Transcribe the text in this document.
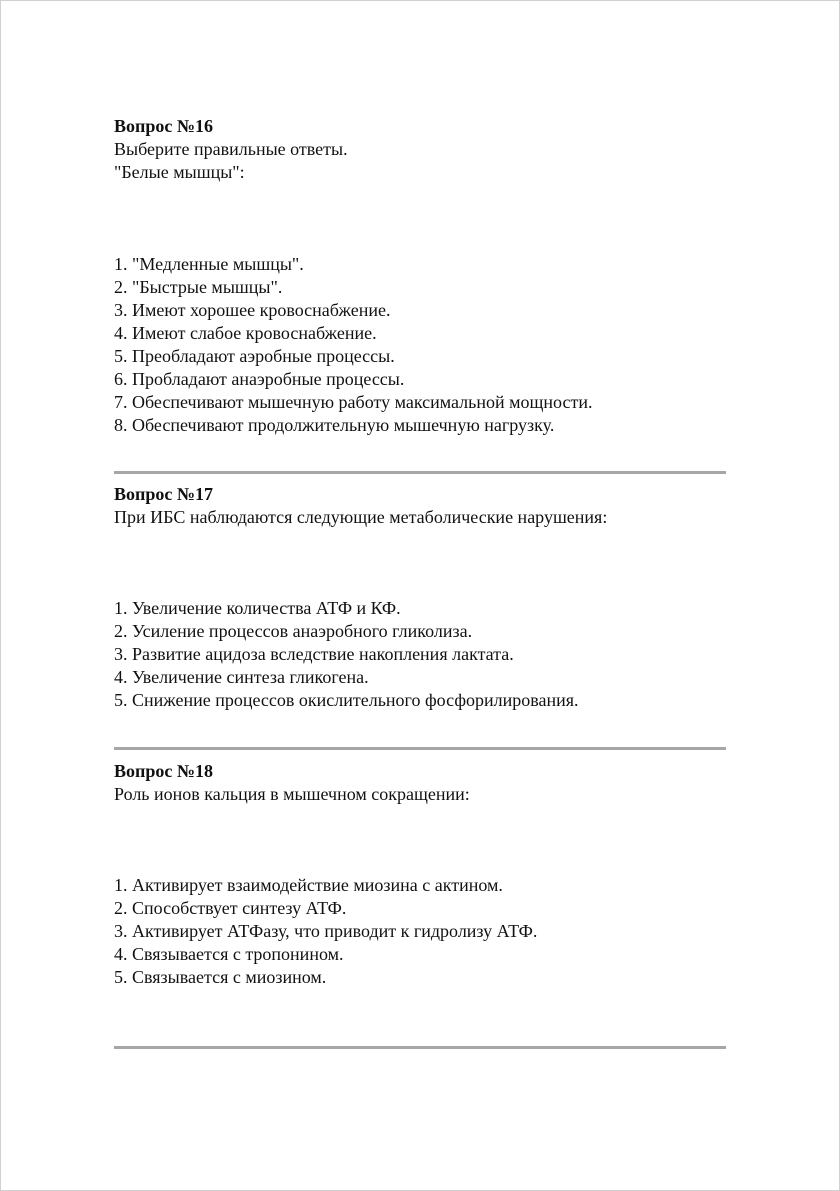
Вопрос №16

Выберите правильные ответы.

"Белые мышцы":

1. "Медленные мышцы".
2. "Быстрые мышцы".
3. Имеют хорошее кровоснабжение.
4. Имеют слабое кровоснабжение.
5. Преобладают аэробные процессы.
6. Прoбладают анаэробные процессы.
7. Обеспечивают мышечную работу максимальной мощности.
8. Обеспечивают продолжительную мышечную нагрузку.

Вопрос №17

При ИБС наблюдаются следующие метаболические нарушения:

1. Увеличение количества АТФ и КФ.
2. Усиление процессов анаэробного гликолиза.
3. Развитие ацидоза вследствие накопления лактата.
4. Увеличение синтеза гликогена.
5. Снижение процессов окислительного фосфорилирования.

Вопрос №18

Роль ионов кальция в мышечном сокращении:

1. Активирует взаимодействие миозина с актином.
2. Способствует синтезу АТФ.
3. Активирует АТФазу, что приводит к гидролизу АТФ.
4. Связывается с тропонином.
5. Связывается с миозином.
